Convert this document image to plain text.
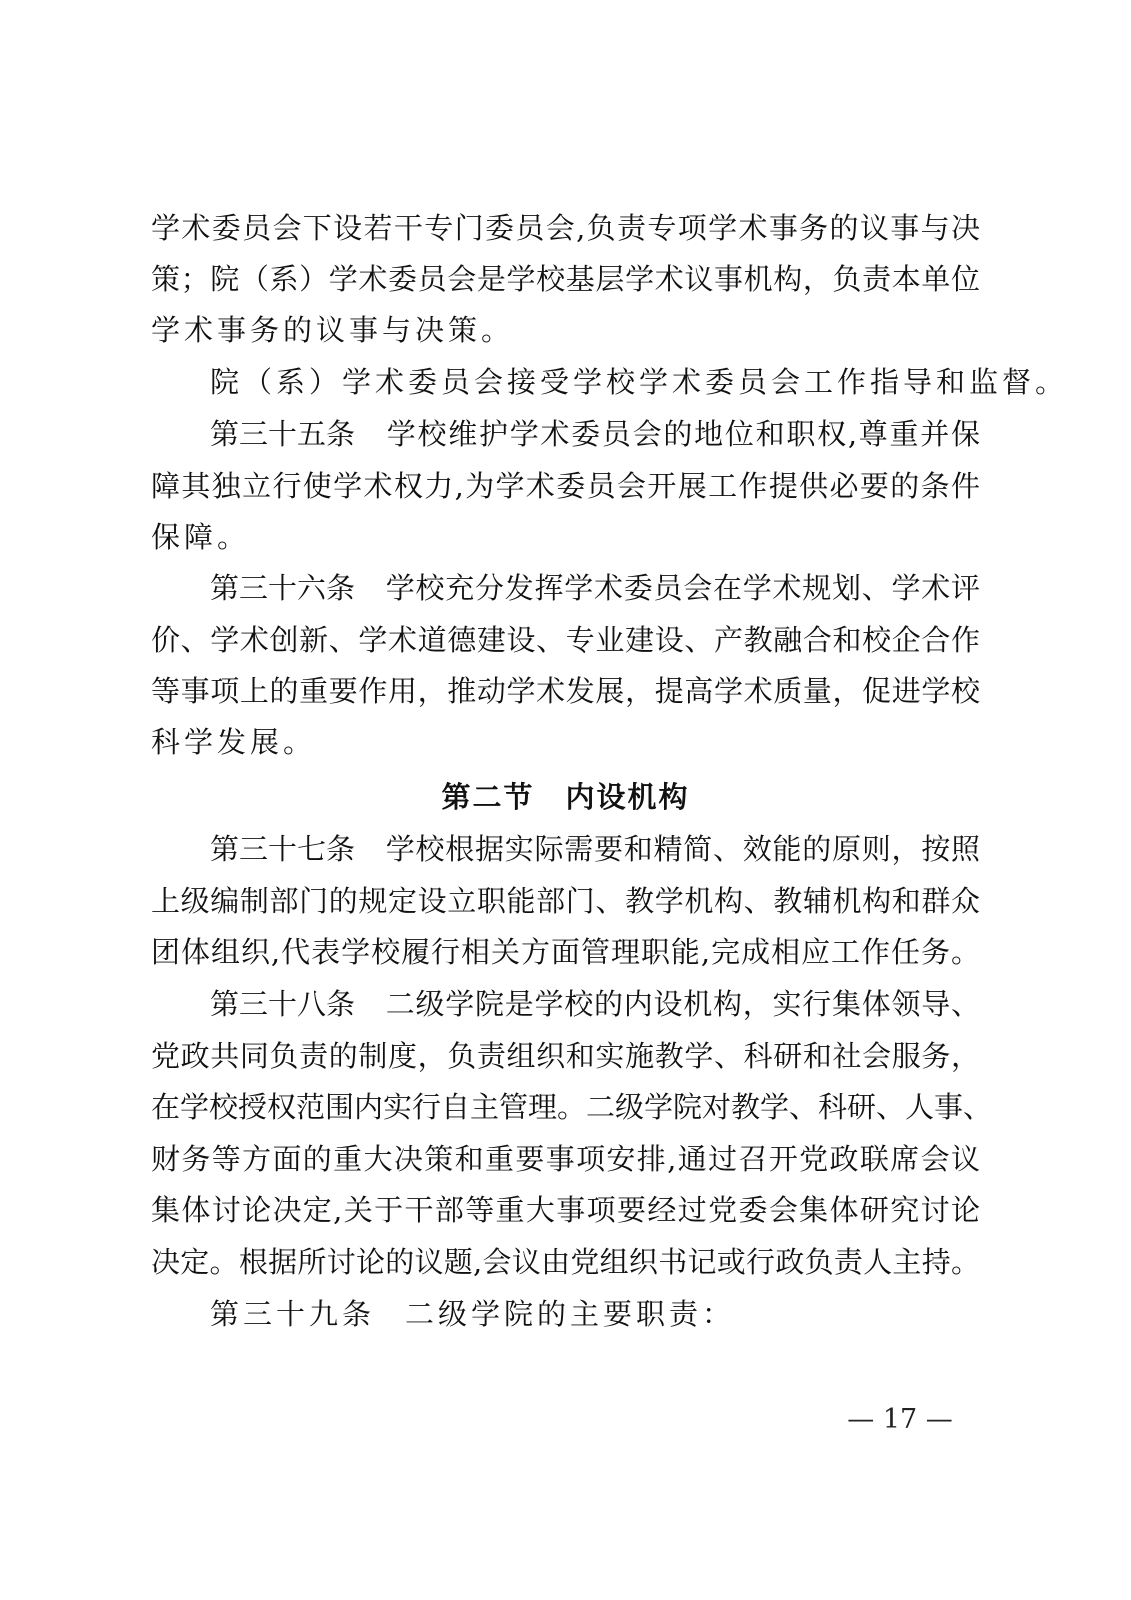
学术委员会下设若干专门委员会,负责专项学术事务的议事与决
策；院（系）学术委员会是学校基层学术议事机构，负责本单位
学术事务的议事与决策。
院（系）学术委员会接受学校学术委员会工作指导和监督。
第三十五条 学校维护学术委员会的地位和职权,尊重并保
障其独立行使学术权力,为学术委员会开展工作提供必要的条件
保障。
第三十六条 学校充分发挥学术委员会在学术规划、学术评
价、学术创新、学术道德建设、专业建设、产教融合和校企合作
等事项上的重要作用，推动学术发展，提高学术质量，促进学校
科学发展。
第二节　内设机构
第三十七条 学校根据实际需要和精简、效能的原则，按照
上级编制部门的规定设立职能部门、教学机构、教辅机构和群众
团体组织,代表学校履行相关方面管理职能,完成相应工作任务。
第三十八条 二级学院是学校的内设机构，实行集体领导、
党政共同负责的制度，负责组织和实施教学、科研和社会服务，
在学校授权范围内实行自主管理。二级学院对教学、科研、人事、
财务等方面的重大决策和重要事项安排,通过召开党政联席会议
集体讨论决定,关于干部等重大事项要经过党委会集体研究讨论
决定。根据所讨论的议题,会议由党组织书记或行政负责人主持。
第三十九条 二级学院的主要职责：
— 17 —
